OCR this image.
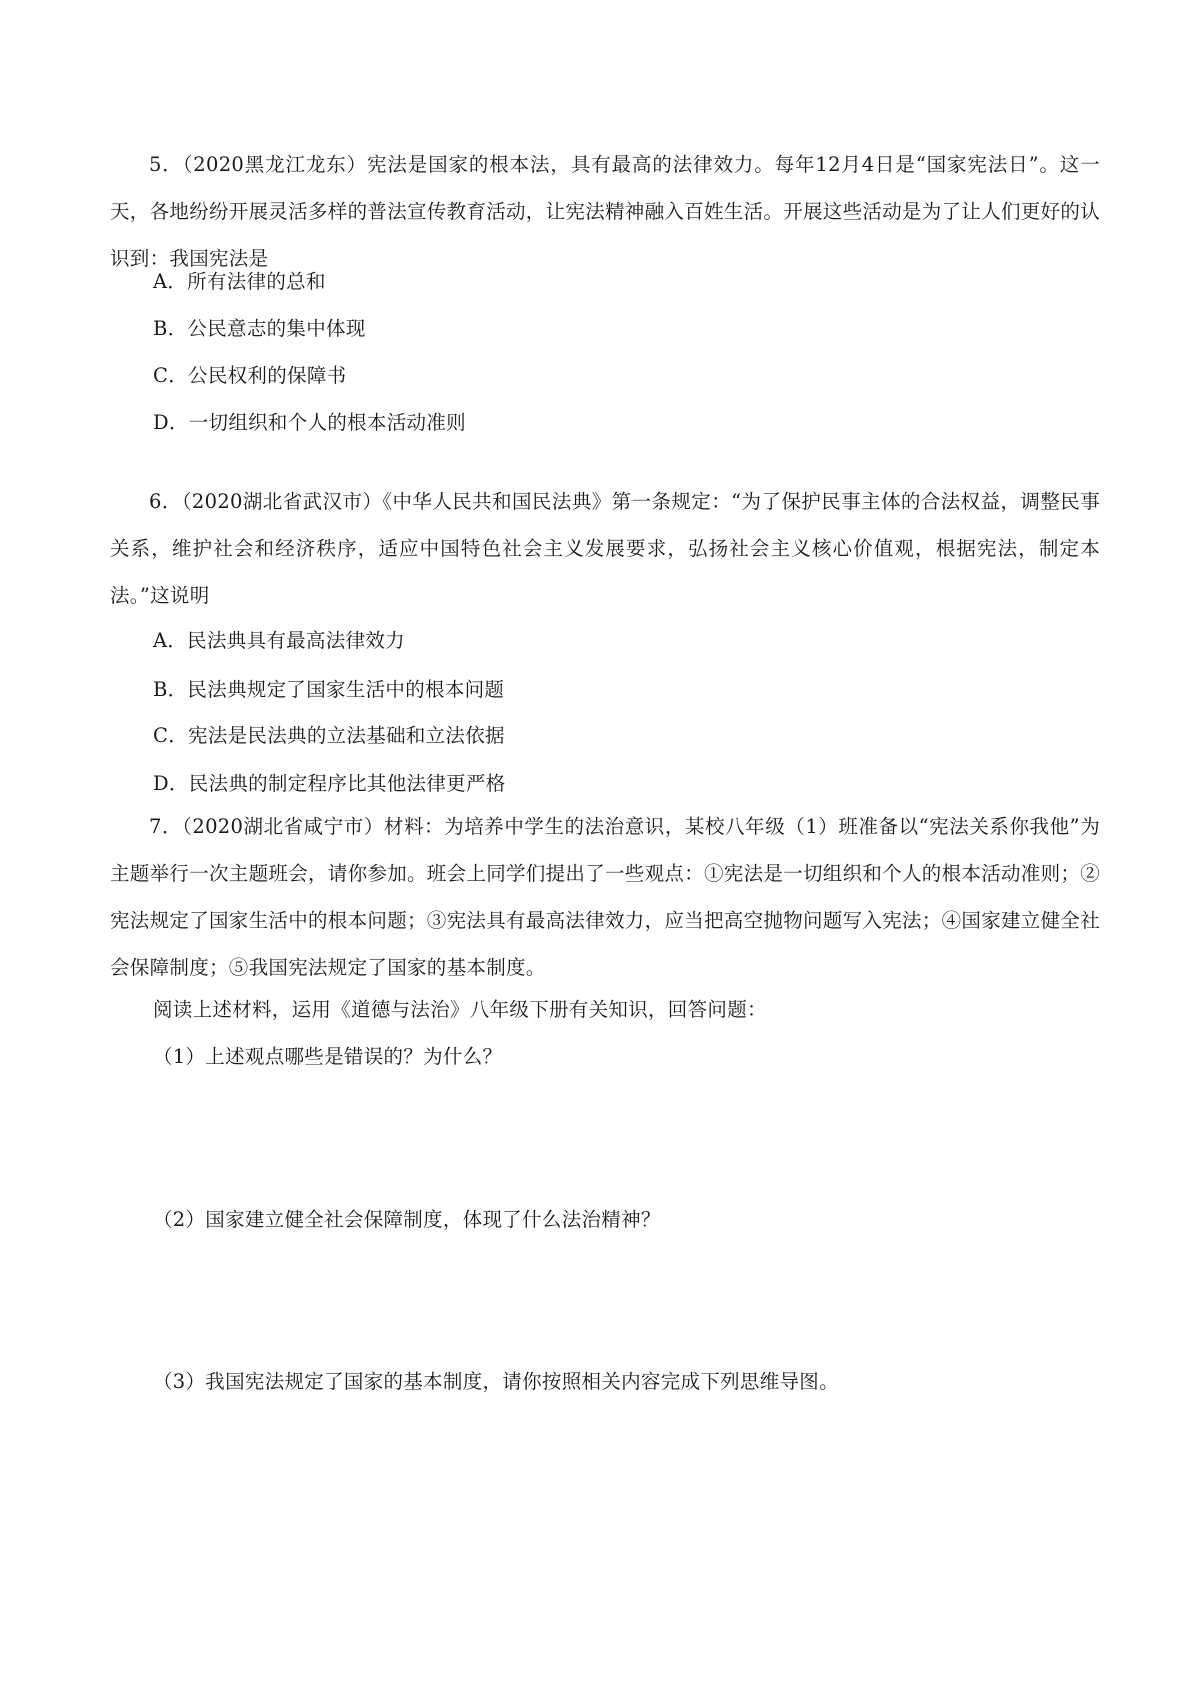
5．（2020黑龙江龙东）宪法是国家的根本法，具有最高的法律效力。每年12月4日是“国家宪法日”。这一天，各地纷纷开展灵活多样的普法宣传教育活动，让宪法精神融入百姓生活。开展这些活动是为了让人们更好的认识到：我国宪法是
A．所有法律的总和
B．公民意志的集中体现
C．公民权利的保障书
D．一切组织和个人的根本活动准则
6．（2020湖北省武汉市）《中华人民共和国民法典》第一条规定：“为了保护民事主体的合法权益，调整民事关系，维护社会和经济秩序，适应中国特色社会主义发展要求，弘扬社会主义核心价值观，根据宪法，制定本法。”这说明
A．民法典具有最高法律效力
B．民法典规定了国家生活中的根本问题
C．宪法是民法典的立法基础和立法依据
D．民法典的制定程序比其他法律更严格
7．（2020湖北省咸宁市）材料：为培养中学生的法治意识，某校八年级（1）班准备以“宪法关系你我他”为主题举行一次主题班会，请你参加。班会上同学们提出了一些观点：①宪法是一切组织和个人的根本活动准则；②宪法规定了国家生活中的根本问题；③宪法具有最高法律效力，应当把高空抛物问题写入宪法；④国家建立健全社会保障制度；⑤我国宪法规定了国家的基本制度。
阅读上述材料，运用《道德与法治》八年级下册有关知识，回答问题：
（1）上述观点哪些是错误的？为什么？
（2）国家建立健全社会保障制度，体现了什么法治精神？
（3）我国宪法规定了国家的基本制度，请你按照相关内容完成下列思维导图。
